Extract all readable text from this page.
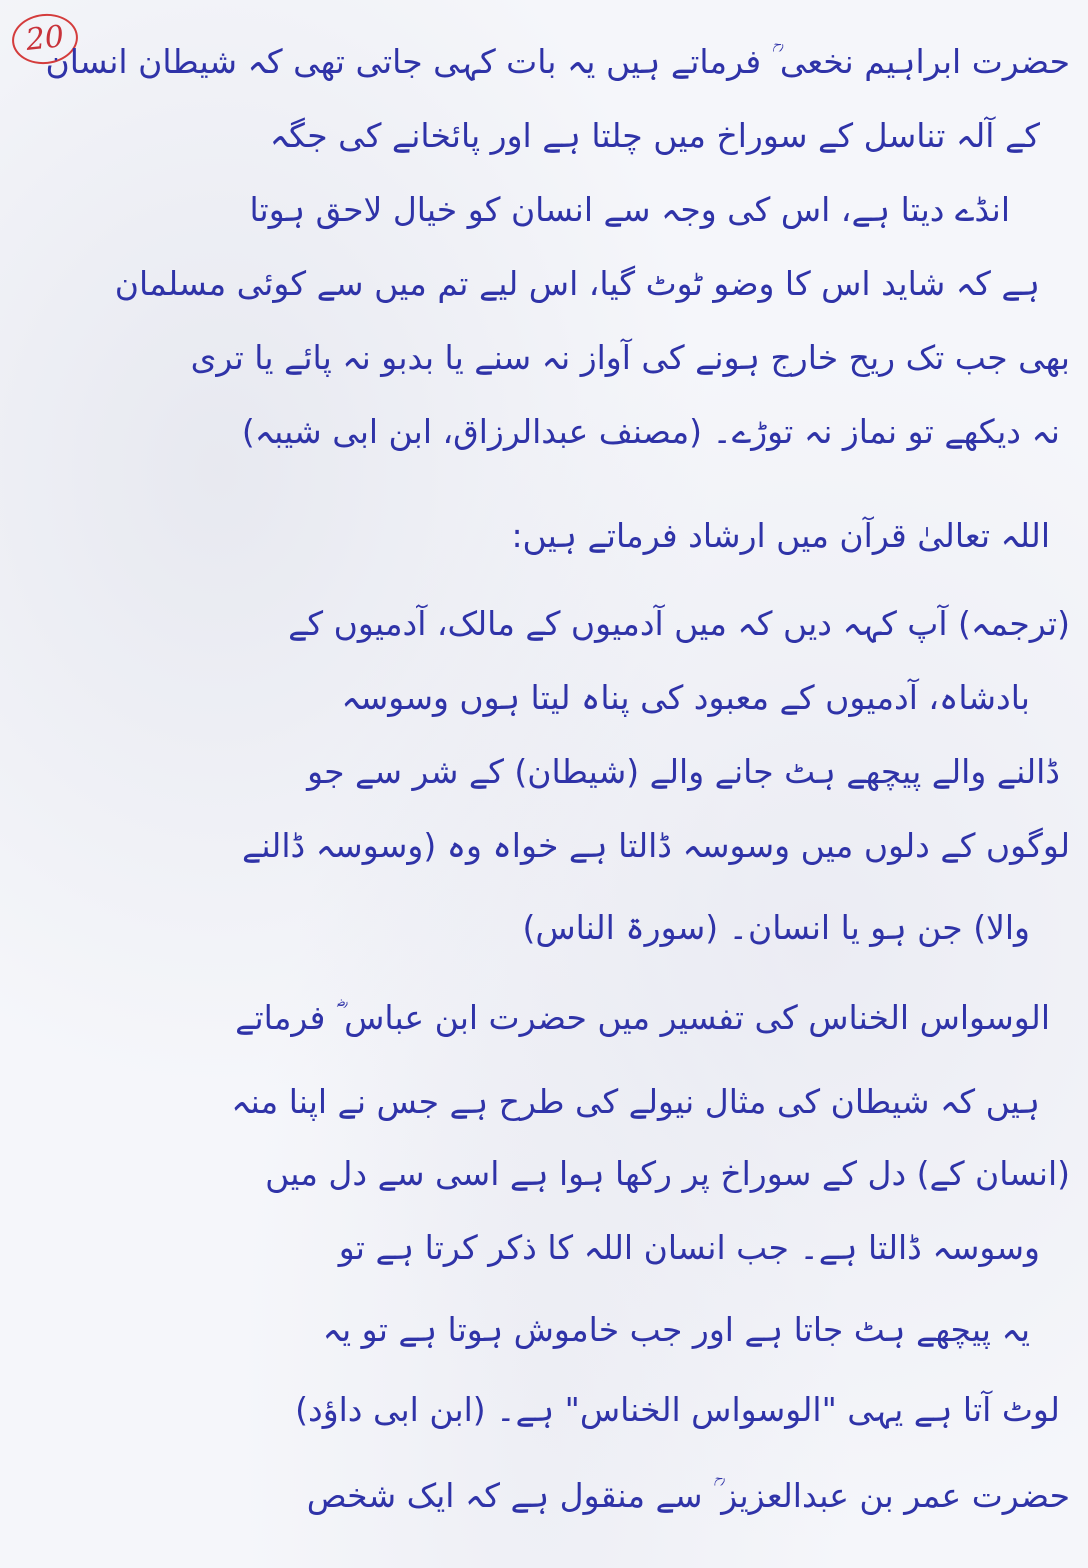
20
حضرت ابراہیم نخعی ؒ فرماتے ہیں یہ بات کہی جاتی تھی کہ شیطان انسان
کے آلہ تناسل کے سوراخ میں چلتا ہے اور پائخانے کی جگہ
انڈے دیتا ہے، اس کی وجہ سے انسان کو خیال لاحق ہوتا
ہے کہ شاید اس کا وضو ٹوٹ گیا، اس لیے تم میں سے کوئی مسلمان
بھی جب تک ریح خارج ہونے کی آواز نہ سنے یا بدبو نہ پائے یا تری
نہ دیکھے تو نماز نہ توڑے۔ (مصنف عبدالرزاق، ابن ابی شیبہ)
اللہ تعالیٰ قرآن میں ارشاد فرماتے ہیں:
(ترجمہ) آپ کہہ دیں کہ میں آدمیوں کے مالک، آدمیوں کے
بادشاہ، آدمیوں کے معبود کی پناہ لیتا ہوں وسوسہ
ڈالنے والے پیچھے ہٹ جانے والے (شیطان) کے شر سے جو
لوگوں کے دلوں میں وسوسہ ڈالتا ہے خواہ وہ (وسوسہ ڈالنے
والا) جن ہو یا انسان۔ (سورۃ الناس)
الوسواس الخناس کی تفسیر میں حضرت ابن عباس ؓ فرماتے
ہیں کہ شیطان کی مثال نیولے کی طرح ہے جس نے اپنا منہ
(انسان کے) دل کے سوراخ پر رکھا ہوا ہے اسی سے دل میں
وسوسہ ڈالتا ہے۔ جب انسان اللہ کا ذکر کرتا ہے تو
یہ پیچھے ہٹ جاتا ہے اور جب خاموش ہوتا ہے تو یہ
لوٹ آتا ہے یہی "الوسواس الخناس" ہے۔ (ابن ابی داؤد)
حضرت عمر بن عبدالعزیز ؒ سے منقول ہے کہ ایک شخص
